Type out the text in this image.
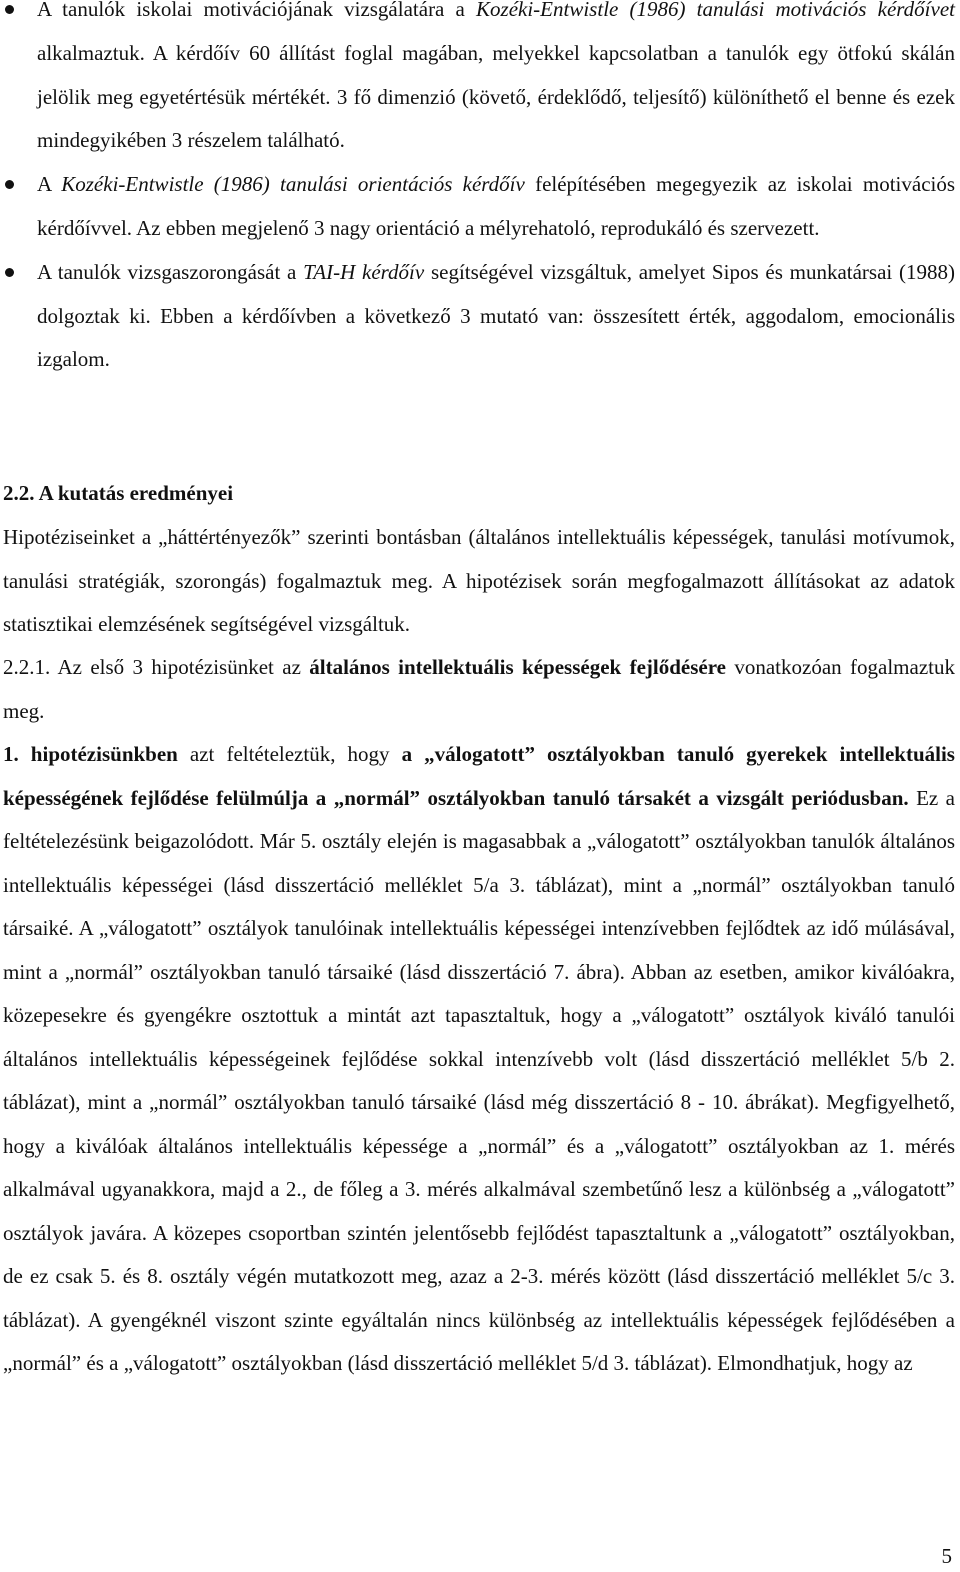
A tanulók iskolai motivációjának vizsgálatára a Kozéki-Entwistle (1986) tanulási motivációs kérdőívet alkalmaztuk. A kérdőív 60 állítást foglal magában, melyekkel kapcsolatban a tanulók egy ötfokú skálán jelölik meg egyetértésük mértékét. 3 fő dimenzió (követő, érdeklődő, teljesítő) különíthető el benne és ezek mindegyikében 3 részelem található.
A Kozéki-Entwistle (1986) tanulási orientációs kérdőív felépítésében megegyezik az iskolai motivációs kérdőívvel. Az ebben megjelenő 3 nagy orientáció a mélyrehatoló, reprodukáló és szervezett.
A tanulók vizsgaszorongását a TAI-H kérdőív segítségével vizsgáltuk, amelyet Sipos és munkatársai (1988) dolgoztak ki. Ebben a kérdőívben a következő 3 mutató van: összesített érték, aggodalom, emocionális izgalom.
2.2. A kutatás eredményei
Hipotéziseinket a „háttértényezők” szerinti bontásban (általános intellektuális képességek, tanulási motívumok, tanulási stratégiák, szorongás) fogalmaztuk meg. A hipotézisek során megfogalmazott állításokat az adatok statisztikai elemzésének segítségével vizsgáltuk.
2.2.1. Az első 3 hipotézisünket az általános intellektuális képességek fejlődésére vonatkozóan fogalmaztuk meg.
1. hipotézisünkben azt feltételeztük, hogy a „válogatott” osztályokban tanuló gyerekek intellektuális képességének fejlődése felülmúlja a „normál” osztályokban tanuló társakét a vizsgált periódusban. Ez a feltételezésünk beigazolódott. Már 5. osztály elején is magasabbak a „válogatott” osztályokban tanulók általános intellektuális képességei (lásd disszertáció melléklet 5/a 3. táblázat), mint a „normál” osztályokban tanuló társaiké. A „válogatott” osztályok tanulóinak intellektuális képességei intenzívebben fejlődtek az idő múlásával, mint a „normál” osztályokban tanuló társaiké (lásd disszertáció 7. ábra). Abban az esetben, amikor kiválóakra, közepesekre és gyengékre osztottuk a mintát azt tapasztaltuk, hogy a „válogatott” osztályok kiváló tanulói általános intellektuális képességeinek fejlődése sokkal intenzívebb volt (lásd disszertáció melléklet 5/b 2. táblázat), mint a „normál” osztályokban tanuló társaiké (lásd még disszertáció 8 - 10. ábrákat). Megfigyelhető, hogy a kiválóak általános intellektuális képessége a „normál” és a „válogatott” osztályokban az 1. mérés alkalmával ugyanakkora, majd a 2., de főleg a 3. mérés alkalmával szembetűnő lesz a különbség a „válogatott” osztályok javára. A közepes csoportban szintén jelentősebb fejlődést tapasztaltunk a „válogatott” osztályokban, de ez csak 5. és 8. osztály végén mutatkozott meg, azaz a 2-3. mérés között (lásd disszertáció melléklet 5/c 3. táblázat). A gyengéknél viszont szinte egyáltalán nincs különbség az intellektuális képességek fejlődésében a „normál” és a „válogatott” osztályokban (lásd disszertáció melléklet 5/d 3. táblázat). Elmondhatjuk, hogy az
5
